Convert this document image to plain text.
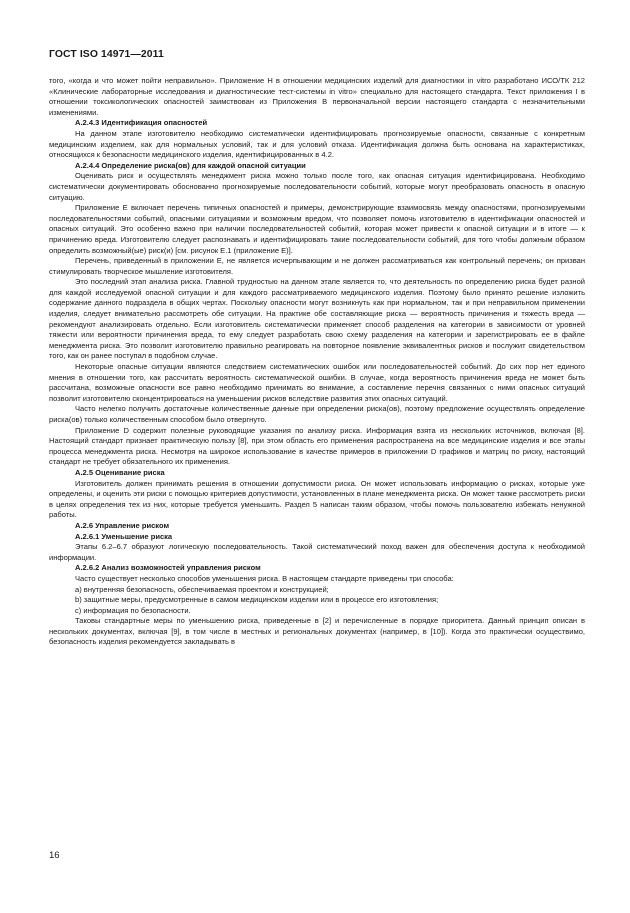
ГОСТ ISO 14971—2011

того, «когда и что может пойти неправильно». Приложение H в отношении медицинских изделий для диагностики in vitro разработано ИСО/ТК 212 «Клинические лабораторные исследования и диагностические тест-системы in vitro» специально для настоящего стандарта. Текст приложения I в отношении токсикологических опасностей заимствован из Приложения B первоначальной версии настоящего стандарта с незначительными изменениями.

A.2.4.3 Идентификация опасностей

На данном этапе изготовителю необходимо систематически идентифицировать прогнозируемые опасности, связанные с конкретным медицинским изделием, как для нормальных условий, так и для условий отказа. Идентификация должна быть основана на характеристиках, относящихся к безопасности медицинского изделия, идентифицированных в 4.2.

A.2.4.4 Определение риска(ов) для каждой опасной ситуации

Оценивать риск и осуществлять менеджмент риска можно только после того, как опасная ситуация идентифицирована. Необходимо систематически документировать обоснованно прогнозируемые последовательности событий, которые могут преобразовать опасность в опасную ситуацию.

Приложение E включает перечень типичных опасностей и примеры, демонстрирующие взаимосвязь между опасностями, прогнозируемыми последовательностями событий, опасными ситуациями и возможным вредом, что позволяет помочь изготовителю в идентификации опасностей и опасных ситуаций. Это особенно важно при наличии последовательностей событий, которая может привести к опасной ситуации и в итоге — к причинению вреда. Изготовителю следует распознавать и идентифицировать такие последовательности событий, для того чтобы должным образом определить возможный(ые) риск(и) [см. рисунок E.1 (приложение E)].

Перечень, приведенный в приложении E, не является исчерпывающим и не должен рассматриваться как контрольный перечень; он призван стимулировать творческое мышление изготовителя.

Это последний этап анализа риска. Главной трудностью на данном этапе является то, что деятельность по определению риска будет разной для каждой исследуемой опасной ситуации и для каждого рассматриваемого медицинского изделия. Поэтому было принято решение изложить содержание данного подраздела в общих чертах. Поскольку опасности могут возникнуть как при нормальном, так и при неправильном применении изделия, следует внимательно рассмотреть обе ситуации. На практике обе составляющие риска — вероятность причинения и тяжесть вреда — рекомендуют анализировать отдельно. Если изготовитель систематически применяет способ разделения на категории в зависимости от уровней тяжести или вероятности причинения вреда, то ему следует разработать свою схему разделения на категории и зарегистрировать ее в файле менеджмента риска. Это позволит изготовителю правильно реагировать на повторное появление эквивалентных рисков и послужит свидетельством того, как он ранее поступал в подобном случае.

Некоторые опасные ситуации являются следствием систематических ошибок или последовательностей событий. До сих пор нет единого мнения в отношении того, как рассчитать вероятность систематической ошибки. В случае, когда вероятность причинения вреда не может быть рассчитана, возможные опасности все равно необходимо принимать во внимание, а составление перечня связанных с ними опасных ситуаций позволит изготовителю сконцентрироваться на уменьшении рисков вследствие развития этих опасных ситуаций.

Часто нелегко получить достаточные количественные данные при определении риска(ов), поэтому предложение осуществлять определение риска(ов) только количественным способом было отвергнуто.

Приложение D содержит полезные руководящие указания по анализу риска. Информация взята из нескольких источников, включая [8]. Настоящий стандарт признает практическую пользу [8], при этом область его применения распространена на все медицинские изделия и все этапы процесса менеджмента риска. Несмотря на широкое использование в качестве примеров в приложении D графиков и матриц по риску, настоящий стандарт не требует обязательного их применения.

A.2.5 Оценивание риска

Изготовитель должен принимать решения в отношении допустимости риска. Он может использовать информацию о рисках, которые уже определены, и оценить эти риски с помощью критериев допустимости, установленных в плане менеджмента риска. Он может также рассмотреть риски в целях определения тех из них, которые требуется уменьшить. Раздел 5 написан таким образом, чтобы помочь пользователю избежать ненужной работы.

A.2.6 Управление риском

A.2.6.1 Уменьшение риска

Этапы 6.2–6.7 образуют логическую последовательность. Такой систематический поход важен для обеспечения доступа к необходимой информации.

A.2.6.2 Анализ возможностей управления риском

Часто существует несколько способов уменьшения риска. В настоящем стандарте приведены три способа:

a) внутренняя безопасность, обеспечиваемая проектом и конструкцией;

b) защитные меры, предусмотренные в самом медицинском изделии или в процессе его изготовления;

c) информация по безопасности.

Таковы стандартные меры по уменьшению риска, приведенные в [2] и перечисленные в порядке приоритета. Данный принцип описан в нескольких документах, включая [9], в том числе в местных и региональных документах (например, в [10]). Когда это практически осуществимо, безопасность изделия рекомендуется закладывать в

16
